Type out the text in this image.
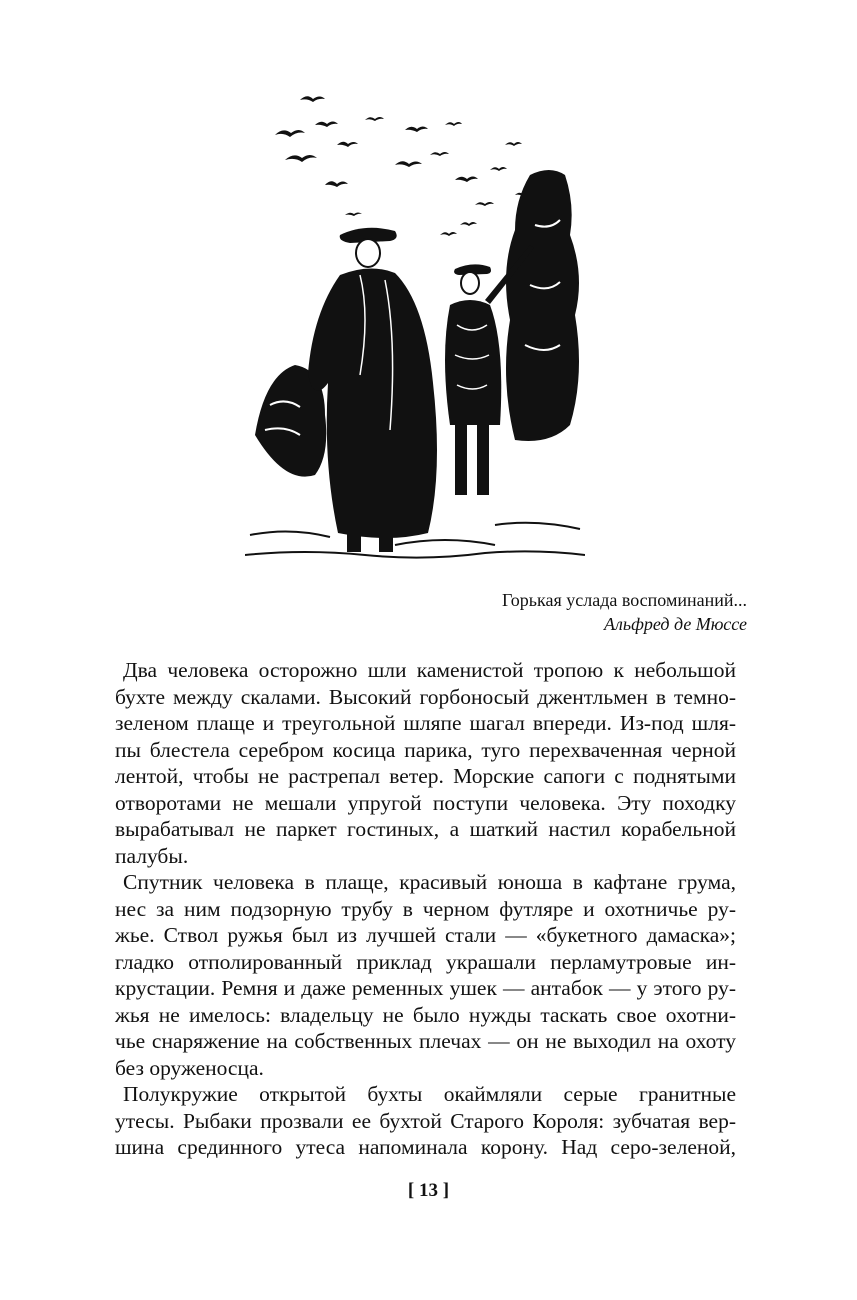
Горькая услада воспоминаний...
Альфред де Мюссе
Два человека осторожно шли каменистой тропою к небольшой
бухте между скалами. Высокий горбоносый джентльмен в темно-
зеленом плаще и треугольной шляпе шагал впереди. Из-под шля-
пы блестела серебром косица парика, туго перехваченная черной
лентой, чтобы не растрепал ветер. Морские сапоги с поднятыми
отворотами не мешали упругой поступи человека. Эту походку
вырабатывал не паркет гостиных, а шаткий настил корабельной
палубы.
Спутник человека в плаще, красивый юноша в кафтане грума,
нес за ним подзорную трубу в черном футляре и охотничье ру-
жье. Ствол ружья был из лучшей стали — «букетного дамаска»;
гладко отполированный приклад украшали перламутровые ин-
крустации. Ремня и даже ременных ушек — антабок — у этого ру-
жья не имелось: владельцу не было нужды таскать свое охотни-
чье снаряжение на собственных плечах — он не выходил на охоту
без оруженосца.
Полукружие открытой бухты окаймляли серые гранитные
утесы. Рыбаки прозвали ее бухтой Старого Короля: зубчатая вер-
шина срединного утеса напоминала корону. Над серо-зеленой,
[ 13 ]
